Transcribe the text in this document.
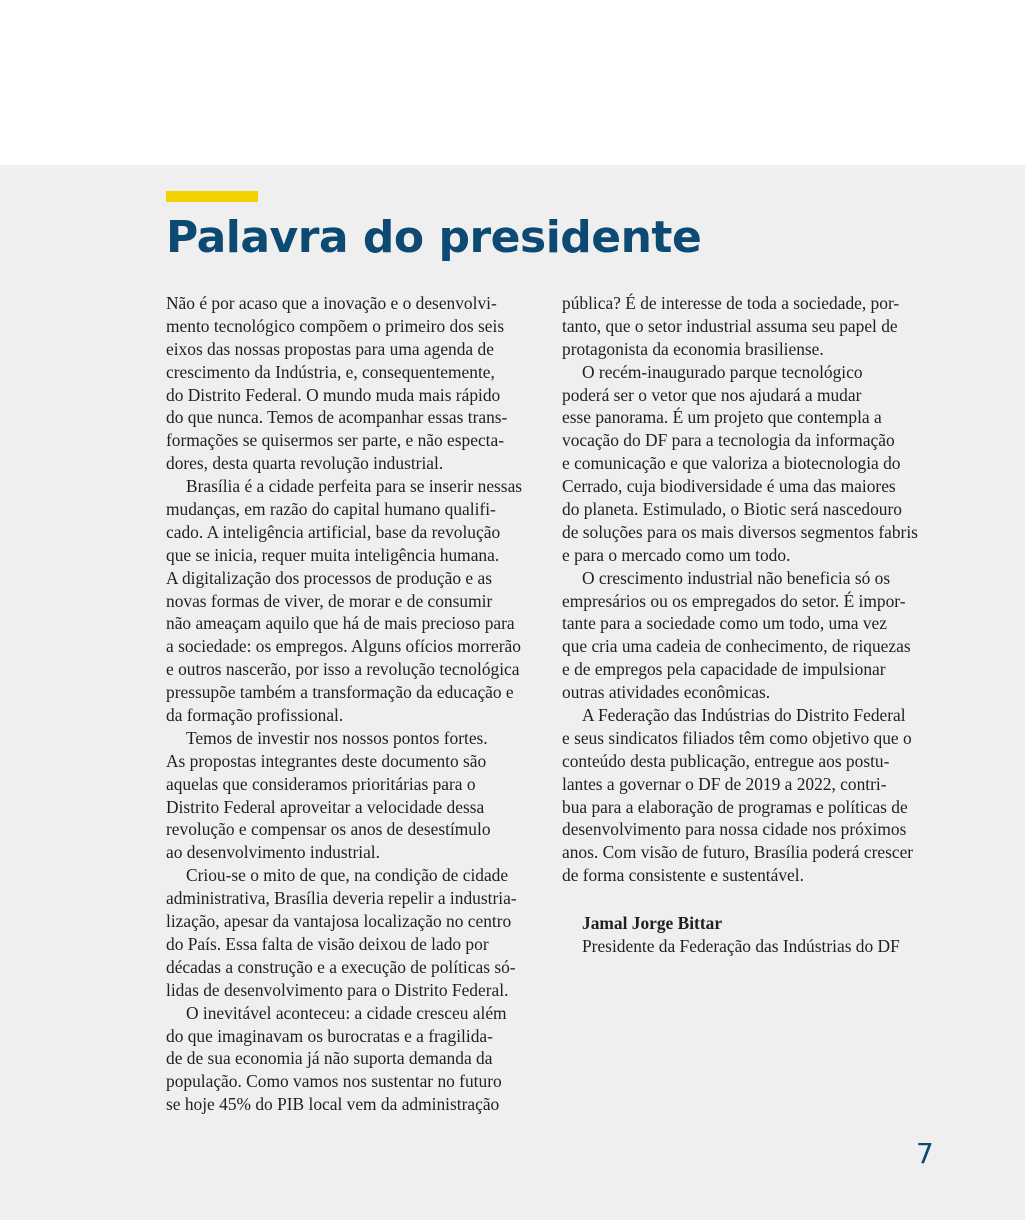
Palavra do presidente
Não é por acaso que a inovação e o desenvolvi-
mento tecnológico compõem o primeiro dos seis
eixos das nossas propostas para uma agenda de
crescimento da Indústria, e, consequentemente,
do Distrito Federal. O mundo muda mais rápido
do que nunca. Temos de acompanhar essas trans-
formações se quisermos ser parte, e não especta-
dores, desta quarta revolução industrial.
Brasília é a cidade perfeita para se inserir nessas
mudanças, em razão do capital humano qualifi-
cado. A inteligência artificial, base da revolução
que se inicia, requer muita inteligência humana.
A digitalização dos processos de produção e as
novas formas de viver, de morar e de consumir
não ameaçam aquilo que há de mais precioso para
a sociedade: os empregos. Alguns ofícios morrerão
e outros nascerão, por isso a revolução tecnológica
pressupõe também a transformação da educação e
da formação profissional.
Temos de investir nos nossos pontos fortes.
As propostas integrantes deste documento são
aquelas que consideramos prioritárias para o
Distrito Federal aproveitar a velocidade dessa
revolução e compensar os anos de desestímulo
ao desenvolvimento industrial.
Criou-se o mito de que, na condição de cidade
administrativa, Brasília deveria repelir a industria-
lização, apesar da vantajosa localização no centro
do País. Essa falta de visão deixou de lado por
décadas a construção e a execução de políticas só-
lidas de desenvolvimento para o Distrito Federal.
O inevitável aconteceu: a cidade cresceu além
do que imaginavam os burocratas e a fragilida-
de de sua economia já não suporta demanda da
população. Como vamos nos sustentar no futuro
se hoje 45% do PIB local vem da administração
pública? É de interesse de toda a sociedade, por-
tanto, que o setor industrial assuma seu papel de
protagonista da economia brasiliense.
O recém-inaugurado parque tecnológico
poderá ser o vetor que nos ajudará a mudar
esse panorama. É um projeto que contempla a
vocação do DF para a tecnologia da informação
e comunicação e que valoriza a biotecnologia do
Cerrado, cuja biodiversidade é uma das maiores
do planeta. Estimulado, o Biotic será nascedouro
de soluções para os mais diversos segmentos fabris
e para o mercado como um todo.
O crescimento industrial não beneficia só os
empresários ou os empregados do setor. É impor-
tante para a sociedade como um todo, uma vez
que cria uma cadeia de conhecimento, de riquezas
e de empregos pela capacidade de impulsionar
outras atividades econômicas.
A Federação das Indústrias do Distrito Federal
e seus sindicatos filiados têm como objetivo que o
conteúdo desta publicação, entregue aos postu-
lantes a governar o DF de 2019 a 2022, contri-
bua para a elaboração de programas e políticas de
desenvolvimento para nossa cidade nos próximos
anos. Com visão de futuro, Brasília poderá crescer
de forma consistente e sustentável.
Jamal Jorge Bittar
Presidente da Federação das Indústrias do DF
7
